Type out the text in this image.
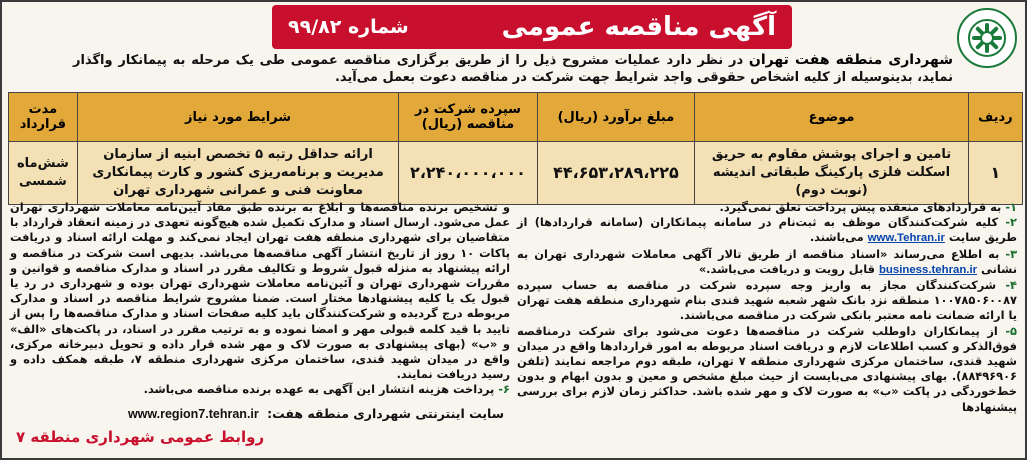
شماره ۹۹/۸۲	آگهی مناقصه عمومی
شهرداری منطقه هفت تهران در نظر دارد عملیات مشروح ذیل را از طریق برگزاری مناقصه عمومی طی یک مرحله به پیمانکار واگذار نماید، بدینوسیله از کلیه اشخاص حقوقی واجد شرایط جهت شرکت در مناقصه دعوت بعمل می‌آید.
ردیف	موضوع	مبلغ برآورد (ریال)	سپرده شرکت در مناقصه (ریال)	شرایط مورد نیاز	مدت قرارداد
۱	تامین و اجرای پوشش مقاوم به حریق اسکلت فلزی پارکینگ طبقاتی اندیشه (نوبت دوم)	۴۴،۶۵۳،۲۸۹،۲۲۵	۲،۲۴۰،۰۰۰،۰۰۰	ارائه حداقل رتبه ۵ تخصص ابنیه از سازمان مدیریت و برنامه‌ریزی کشور و کارت پیمانکاری معاونت فنی و عمرانی شهرداری تهران	شش‌ماه شمسی

۱- به قراردادهای منعقده پیش پرداخت تعلق نمی‌گیرد.

۲- کلیه شرکت‌کنندگان موظف به ثبت‌نام در سامانه پیمانکاران (سامانه قراردادها) از طریق سایت www.Tehran.ir می‌باشند.

۳- به اطلاع می‌رساند «اسناد مناقصه از طریق تالار آگهی معاملات شهرداری تهران به نشانی business.tehran.ir قابل رویت و دریافت می‌باشد.»

۴- شرکت‌کنندگان مجاز به واریز وجه سپرده شرکت در مناقصه به حساب سپرده ۱۰۰۷۸۵۰۶۰۰۸۷ منطقه نزد بانک شهر شعبه شهید قندی بنام شهرداری منطقه هفت تهران یا ارائه ضمانت نامه معتبر بانکی شرکت در مناقصه می‌باشند.

۵- از پیمانکاران داوطلب شرکت در مناقصه‌ها دعوت می‌شود برای شرکت درمناقصه فوق‌الذکر و کسب اطلاعات لازم و دریافت اسناد مربوطه به امور قراردادها واقع در میدان شهید قندی، ساختمان مرکزی شهرداری منطقه ۷ تهران، طبقه دوم مراجعه نمایند (تلفن ۸۸۴۹۶۹۰۶). بهای پیشنهادی می‌بایست از حیث مبلغ مشخص و معین و بدون ابهام و بدون خط‌خوردگی در پاکت «ب» به صورت لاک و مهر شده باشد. حداکثر زمان لازم برای بررسی پیشنهادها

و تشخیص برنده مناقصه‌ها و ابلاغ به برنده طبق مفاد آیین‌نامه معاملات شهرداری تهران عمل می‌شود. ارسال اسناد و مدارک تکمیل شده هیچ‌گونه تعهدی در زمینه انعقاد قرارداد با متقاضیان برای شهرداری منطقه هفت تهران ایجاد نمی‌کند و مهلت ارائه اسناد و دریافت پاکات ۱۰ روز از تاریخ انتشار آگهی مناقصه‌ها می‌باشد. بدیهی است شرکت در مناقصه و ارائه پیشنهاد به منزله قبول شروط و تکالیف مقرر در اسناد و مدارک مناقصه و قوانین و مقررات شهرداری تهران و آئین‌نامه معاملات شهرداری تهران بوده و شهرداری در رد یا قبول یک یا کلیه پیشنهادها مختار است. ضمنا مشروح شرایط مناقصه در اسناد و مدارک مربوطه درج گردیده و شرکت‌کنندگان باید کلیه صفحات اسناد و مدارک مناقصه‌ها را پس از تایید با قید کلمه قبولی مهر و امضا نموده و به ترتیب مقرر در اسناد، در پاکت‌های «الف» و «ب» (بهای پیشنهادی به صورت لاک و مهر شده قرار داده و تحویل دبیرخانه مرکزی، واقع در میدان شهید قندی، ساختمان مرکزی شهرداری منطقه ۷، طبقه همکف داده و رسید دریافت نمایند.

۶- پرداخت هزینه انتشار این آگهی به عهده برنده مناقصه می‌باشد.

سایت اینترنتی شهرداری منطقه هفت: www.region7.tehran.ir
روابط عمومی شهرداری منطقه ۷
